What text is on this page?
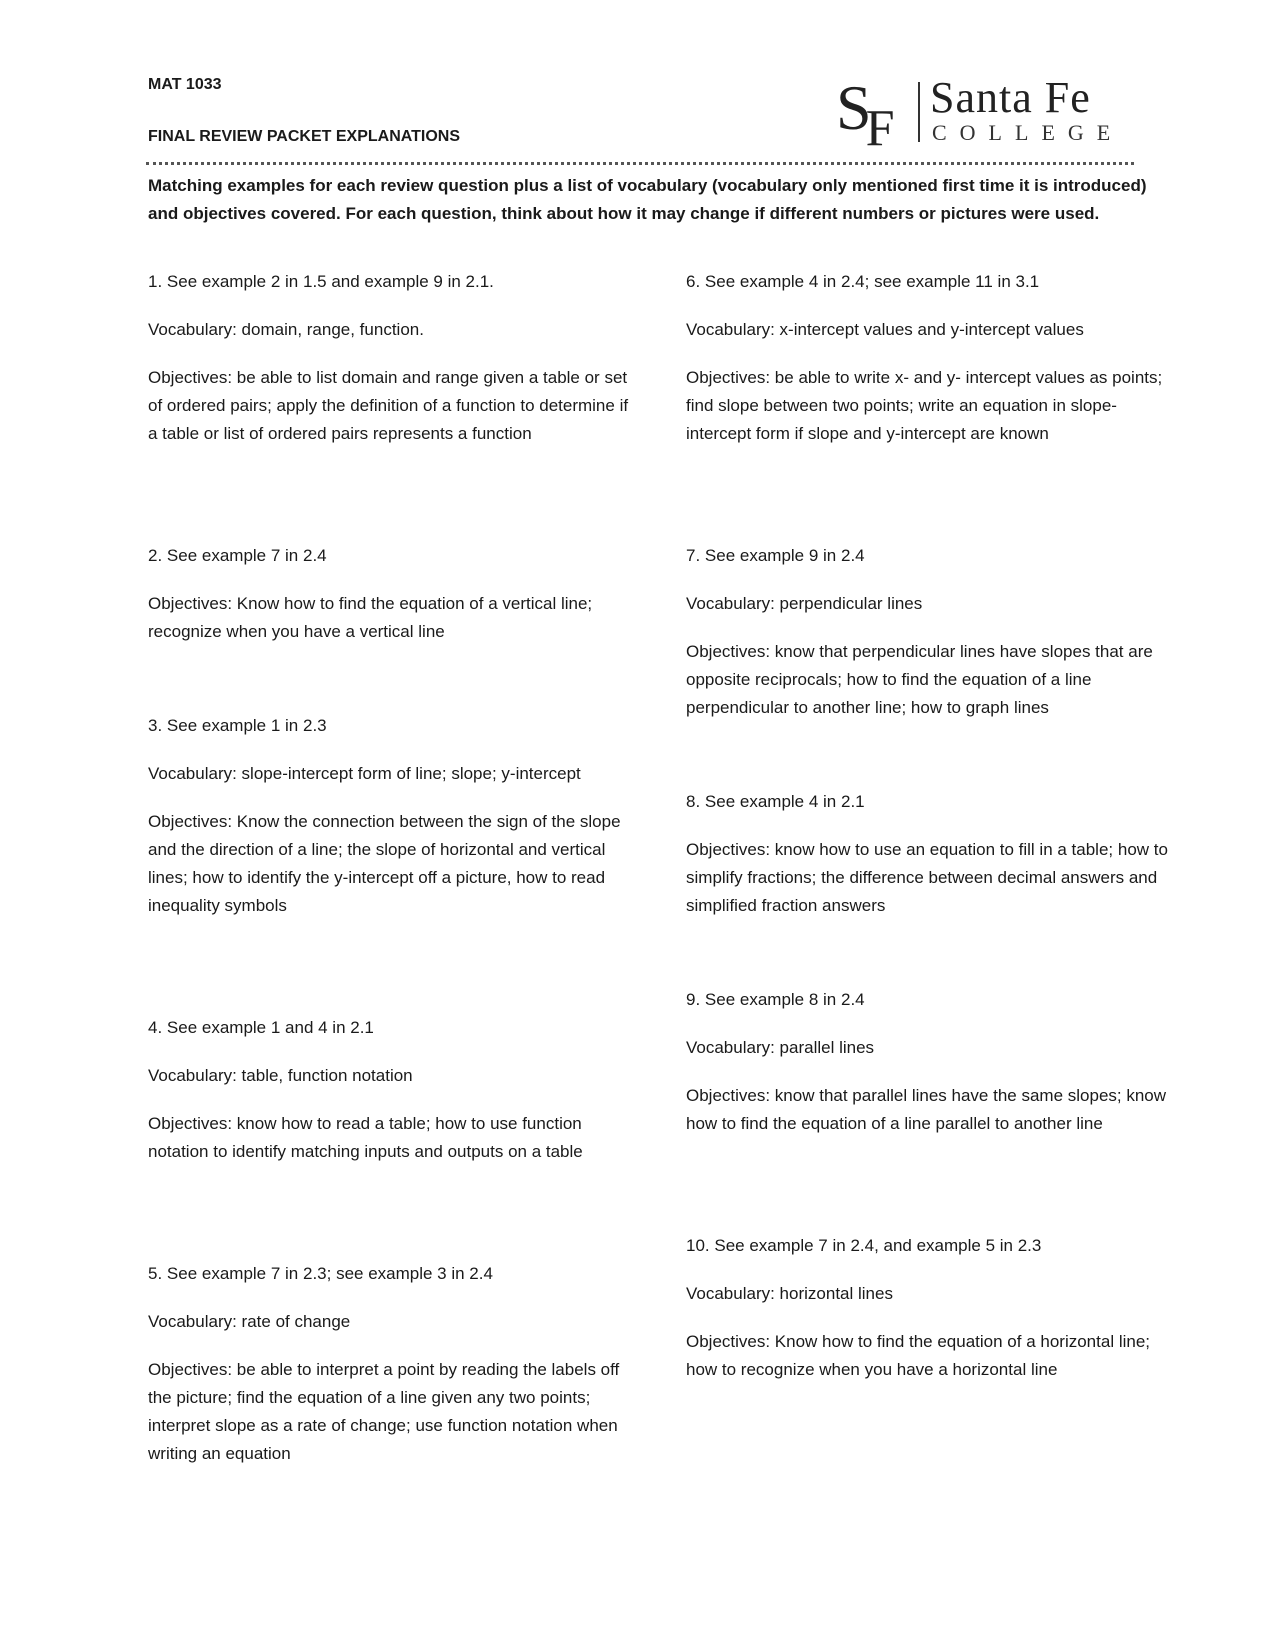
MAT 1033
FINAL REVIEW PACKET EXPLANATIONS	$S_F$
Santa Fe
COLLEGE
Matching examples for each review question plus a list of vocabulary (vocabulary only mentioned first time it is introduced) and objectives covered. For each question, think about how it may change if different numbers or pictures were used.

1. See example 2 in 1.5 and example 9 in 2.1.

Vocabulary: domain, range, function.

Objectives: be able to list domain and range given a table or set of ordered pairs; apply the definition of a function to determine if a table or list of ordered pairs represents a function

2. See example 7 in 2.4

Objectives: Know how to find the equation of a vertical line; recognize when you have a vertical line

3. See example 1 in 2.3

Vocabulary: slope-intercept form of line; slope; y-intercept

Objectives: Know the connection between the sign of the slope and the direction of a line; the slope of horizontal and vertical lines; how to identify the y-intercept off a picture, how to read inequality symbols

4. See example 1 and 4 in 2.1

Vocabulary: table, function notation

Objectives: know how to read a table; how to use function notation to identify matching inputs and outputs on a table

5. See example 7 in 2.3; see example 3 in 2.4

Vocabulary: rate of change

Objectives: be able to interpret a point by reading the labels off the picture; find the equation of a line given any two points; interpret slope as a rate of change; use function notation when writing an equation

6. See example 4 in 2.4; see example 11 in 3.1

Vocabulary: x-intercept values and y-intercept values

Objectives: be able to write x- and y- intercept values as points; find slope between two points; write an equation in slope-intercept form if slope and y-intercept are known

7. See example 9 in 2.4

Vocabulary: perpendicular lines

Objectives: know that perpendicular lines have slopes that are opposite reciprocals; how to find the equation of a line perpendicular to another line; how to graph lines

8. See example 4 in 2.1

Objectives: know how to use an equation to fill in a table; how to simplify fractions; the difference between decimal answers and simplified fraction answers

9. See example 8 in 2.4

Vocabulary: parallel lines

Objectives: know that parallel lines have the same slopes; know how to find the equation of a line parallel to another line

10. See example 7 in 2.4, and example 5 in 2.3

Vocabulary: horizontal lines

Objectives: Know how to find the equation of a horizontal line; how to recognize when you have a horizontal line
